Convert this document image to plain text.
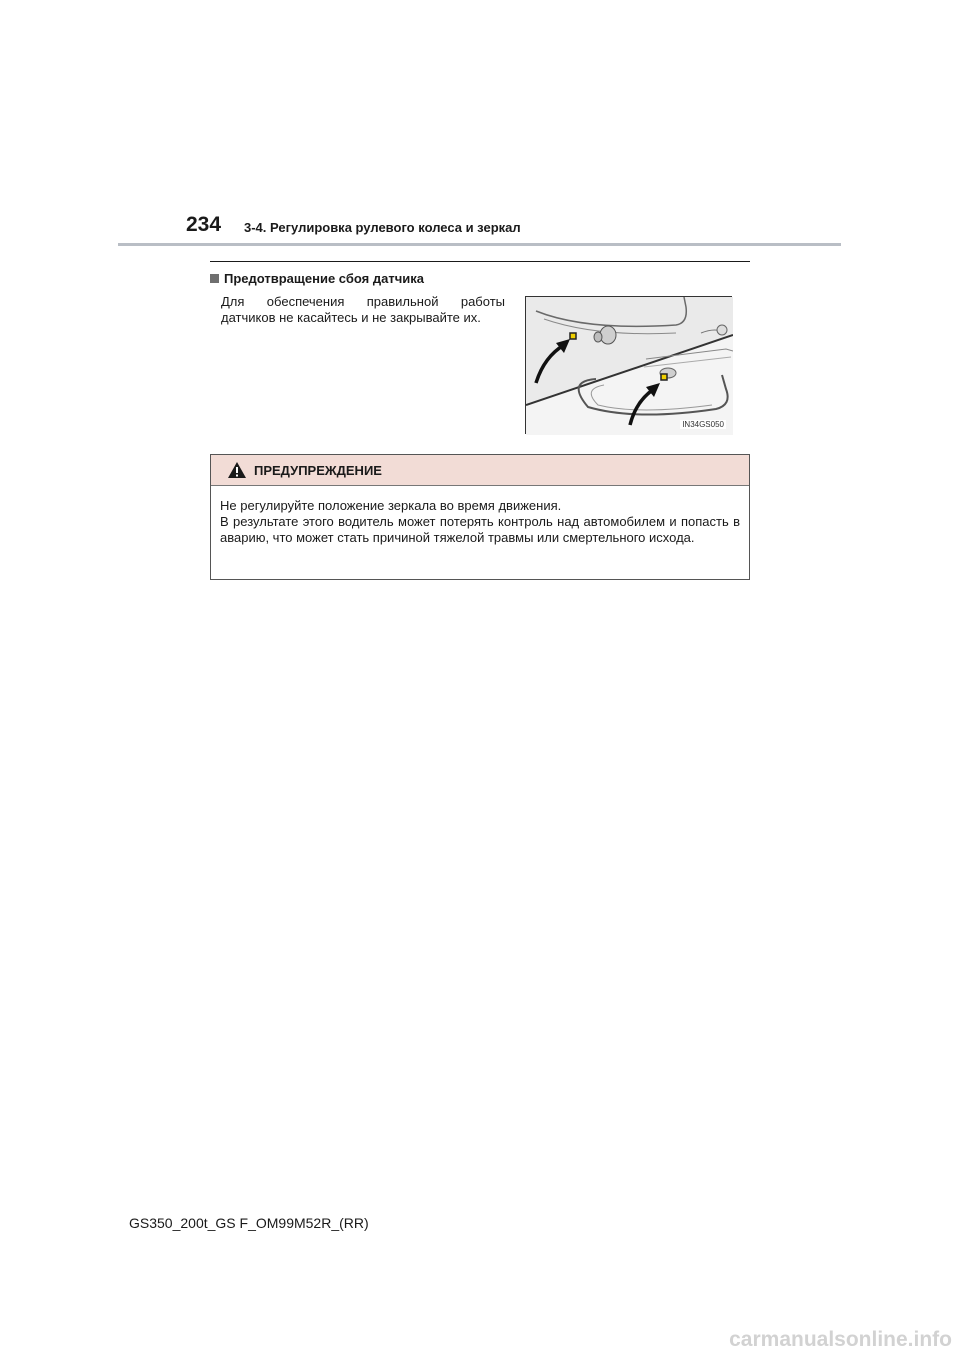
234 3-4. Регулировка рулевого колеса и зеркал
Предотвращение сбоя датчика
Для обеспечения правильной работы датчиков не касайтесь и не закрывайте их.
IN34GS050
ПРЕДУПРЕЖДЕНИЕ

Не регулируйте положение зеркала во время движения.

В результате этого водитель может потерять контроль над автомобилем и попасть в аварию, что может стать причиной тяжелой травмы или смертельного исхода.

GS350_200t_GS F_OM99M52R_(RR)
carmanualsonline.info
